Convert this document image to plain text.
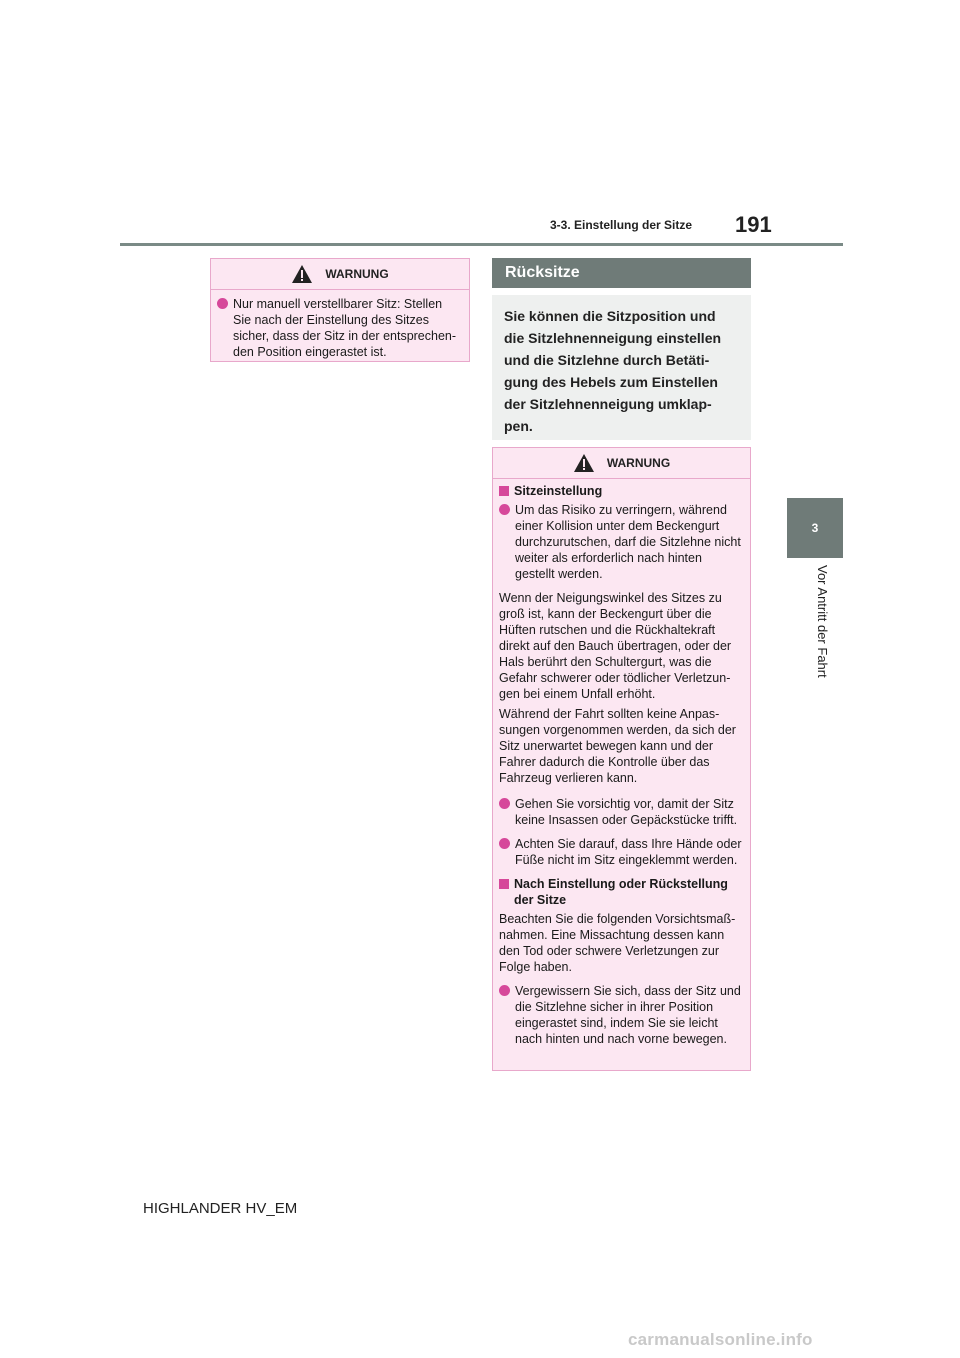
3-3. Einstellung der Sitze 191
3
Vor Antritt der Fahrt
WARNUNG
Nur manuell verstellbarer Sitz: Stellen Sie nach der Einstellung des Sitzes sicher, dass der Sitz in der entsprechen-den Position eingerastet ist.
Rücksitze
Sie können die Sitzposition und die Sitzlehnenneigung einstellen und die Sitzlehne durch Betäti-gung des Hebels zum Einstellen der Sitzlehnenneigung umklap-pen.
WARNUNG
Sitzeinstellung
Um das Risiko zu verringern, während einer Kollision unter dem Beckengurt durchzurutschen, darf die Sitzlehne nicht weiter als erforderlich nach hinten gestellt werden.

Wenn der Neigungswinkel des Sitzes zu groß ist, kann der Beckengurt über die Hüften rutschen und die Rückhaltekraft direkt auf den Bauch übertragen, oder der Hals berührt den Schultergurt, was die Gefahr schwerer oder tödlicher Verletzun-gen bei einem Unfall erhöht.

Während der Fahrt sollten keine Anpas-sungen vorgenommen werden, da sich der Sitz unerwartet bewegen kann und der Fahrer dadurch die Kontrolle über das Fahrzeug verlieren kann.

Gehen Sie vorsichtig vor, damit der Sitz keine Insassen oder Gepäckstücke trifft.
Achten Sie darauf, dass Ihre Hände oder Füße nicht im Sitz eingeklemmt werden.
Nach Einstellung oder Rückstellung der Sitze

Beachten Sie die folgenden Vorsichtsmaß-nahmen. Eine Missachtung dessen kann den Tod oder schwere Verletzungen zur Folge haben.

Vergewissern Sie sich, dass der Sitz und die Sitzlehne sicher in ihrer Position eingerastet sind, indem Sie sie leicht nach hinten und nach vorne bewegen.
HIGHLANDER HV_EM
carmanualsonline.info
